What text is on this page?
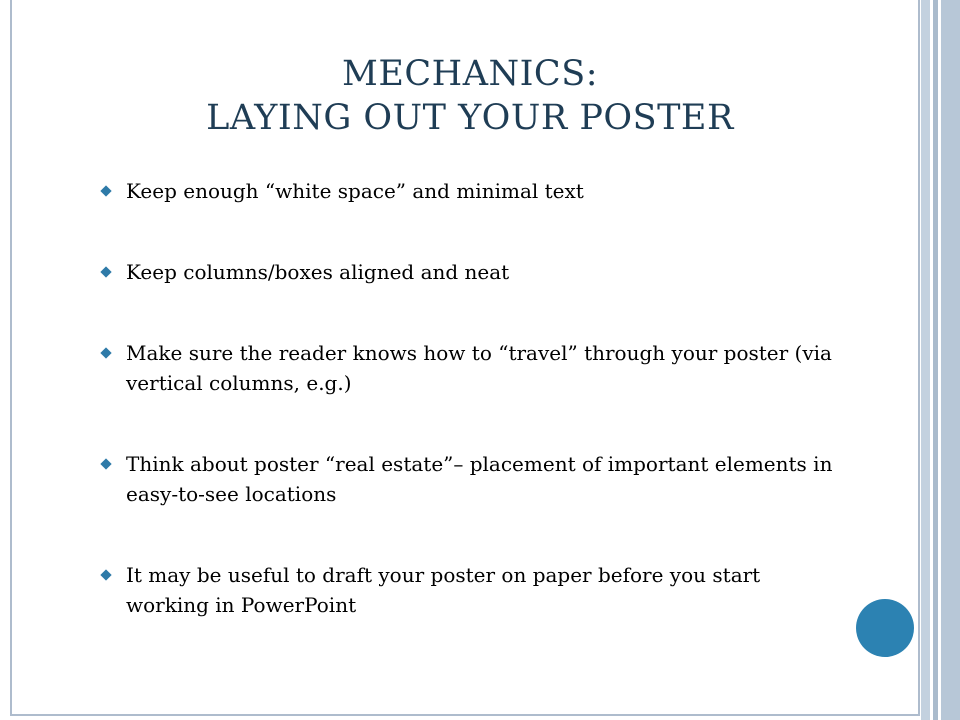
MECHANICS:
LAYING OUT YOUR POSTER
Keep enough “white space” and minimal text
Keep columns/boxes aligned and neat
Make sure the reader knows how to “travel” through your poster (via vertical columns, e.g.)
Think about poster “real estate”– placement of important elements in easy-to-see locations
It may be useful to draft your poster on paper before you start working in PowerPoint
